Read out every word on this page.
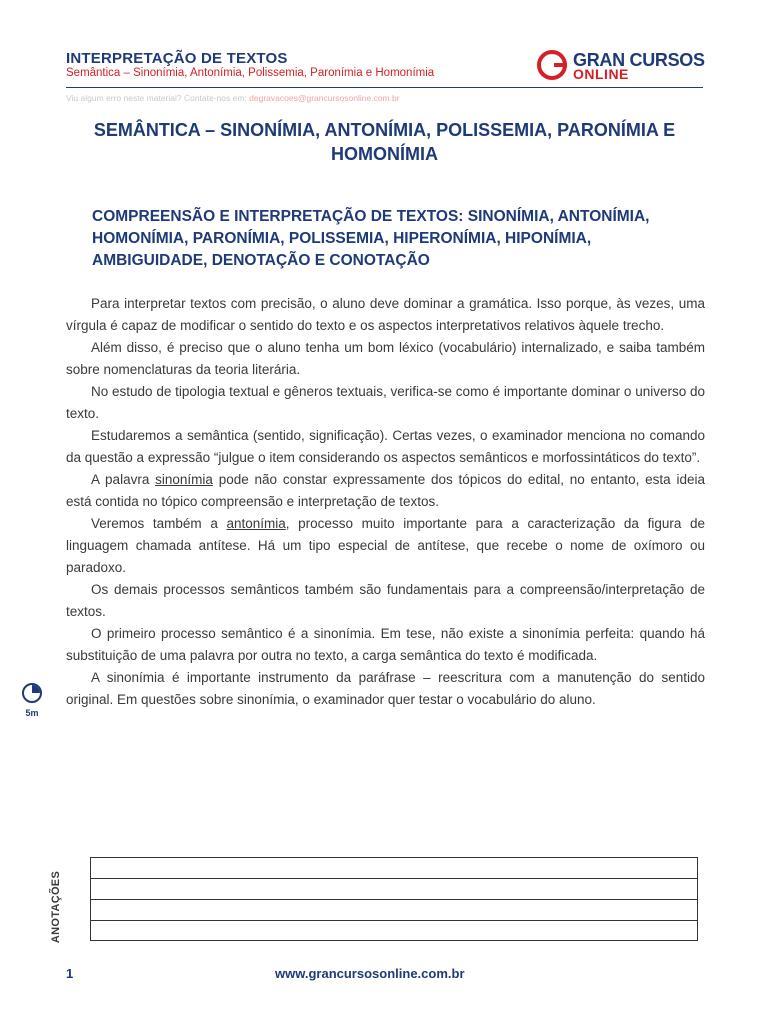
INTERPRETAÇÃO DE TEXTOS
Semântica – Sinonímia, Antonímia, Polissemia, Paronímia e Homonímia
Viu algum erro neste material? Contate-nos em: degravacoes@grancursosonline.com.br
GRAN CURSOS
ONLINE
SEMÂNTICA – SINONÍMIA, ANTONÍMIA, POLISSEMIA, PARONÍMIA E HOMONÍMIA
COMPREENSÃO E INTERPRETAÇÃO DE TEXTOS: SINONÍMIA, ANTONÍMIA, HOMONÍMIA, PARONÍMIA, POLISSEMIA, HIPERONÍMIA, HIPONÍMIA, AMBIGUIDADE, DENOTAÇÃO E CONOTAÇÃO

Para interpretar textos com precisão, o aluno deve dominar a gramática. Isso porque, às vezes, uma vírgula é capaz de modificar o sentido do texto e os aspectos interpretativos relativos àquele trecho.

Além disso, é preciso que o aluno tenha um bom léxico (vocabulário) internalizado, e saiba também sobre nomenclaturas da teoria literária.

No estudo de tipologia textual e gêneros textuais, verifica-se como é importante dominar o universo do texto.

Estudaremos a semântica (sentido, significação). Certas vezes, o examinador menciona no comando da questão a expressão “julgue o item considerando os aspectos semânticos e morfossintáticos do texto”.

A palavra sinonímia pode não constar expressamente dos tópicos do edital, no entanto, esta ideia está contida no tópico compreensão e interpretação de textos.

Veremos também a antonímia, processo muito importante para a caracterização da figura de linguagem chamada antítese. Há um tipo especial de antítese, que recebe o nome de oxímoro ou paradoxo.

Os demais processos semânticos também são fundamentais para a compreensão/interpretação de textos.

O primeiro processo semântico é a sinonímia. Em tese, não existe a sinonímia perfeita: quando há substituição de uma palavra por outra no texto, a carga semântica do texto é modificada.

A sinonímia é importante instrumento da paráfrase – reescritura com a manutenção do sentido original. Em questões sobre sinonímia, o examinador quer testar o vocabulário do aluno.

5m
ANOTAÇÕES
1	www.grancursosonline.com.br
